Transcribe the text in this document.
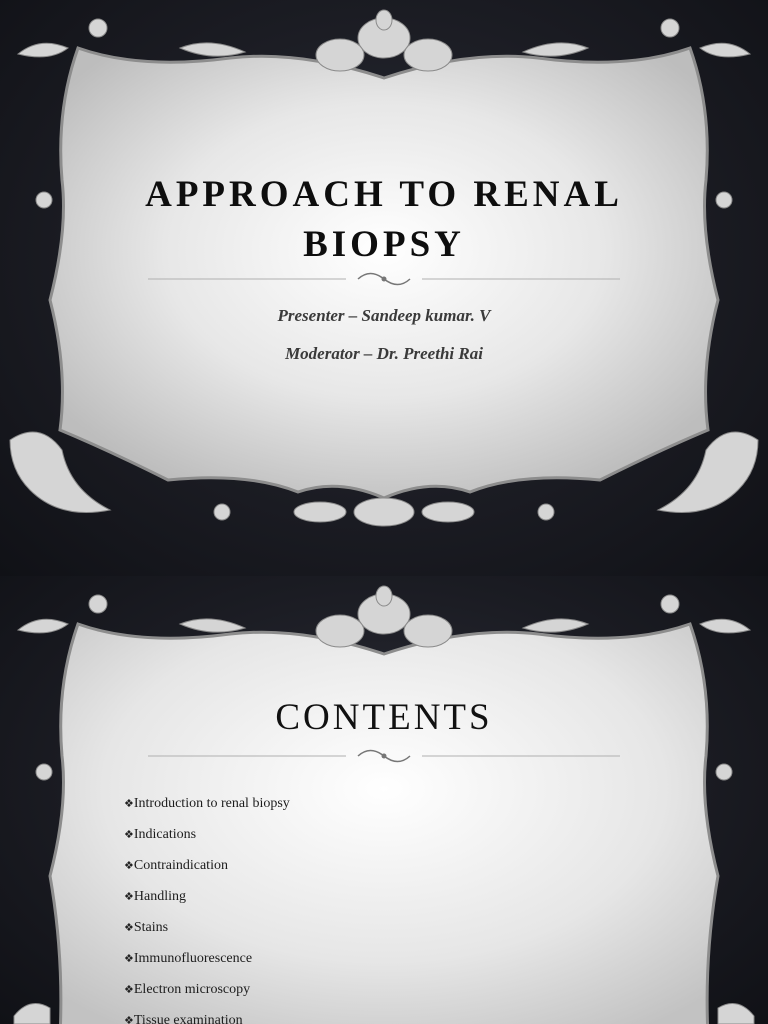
APPROACH TO RENAL BIOPSY
Presenter – Sandeep kumar. V
Moderator – Dr. Preethi Rai
CONTENTS
❖Introduction to renal biopsy
❖Indications
❖Contraindication
❖Handling
❖Stains
❖Immunofluorescence
❖Electron microscopy
❖Tissue examination
